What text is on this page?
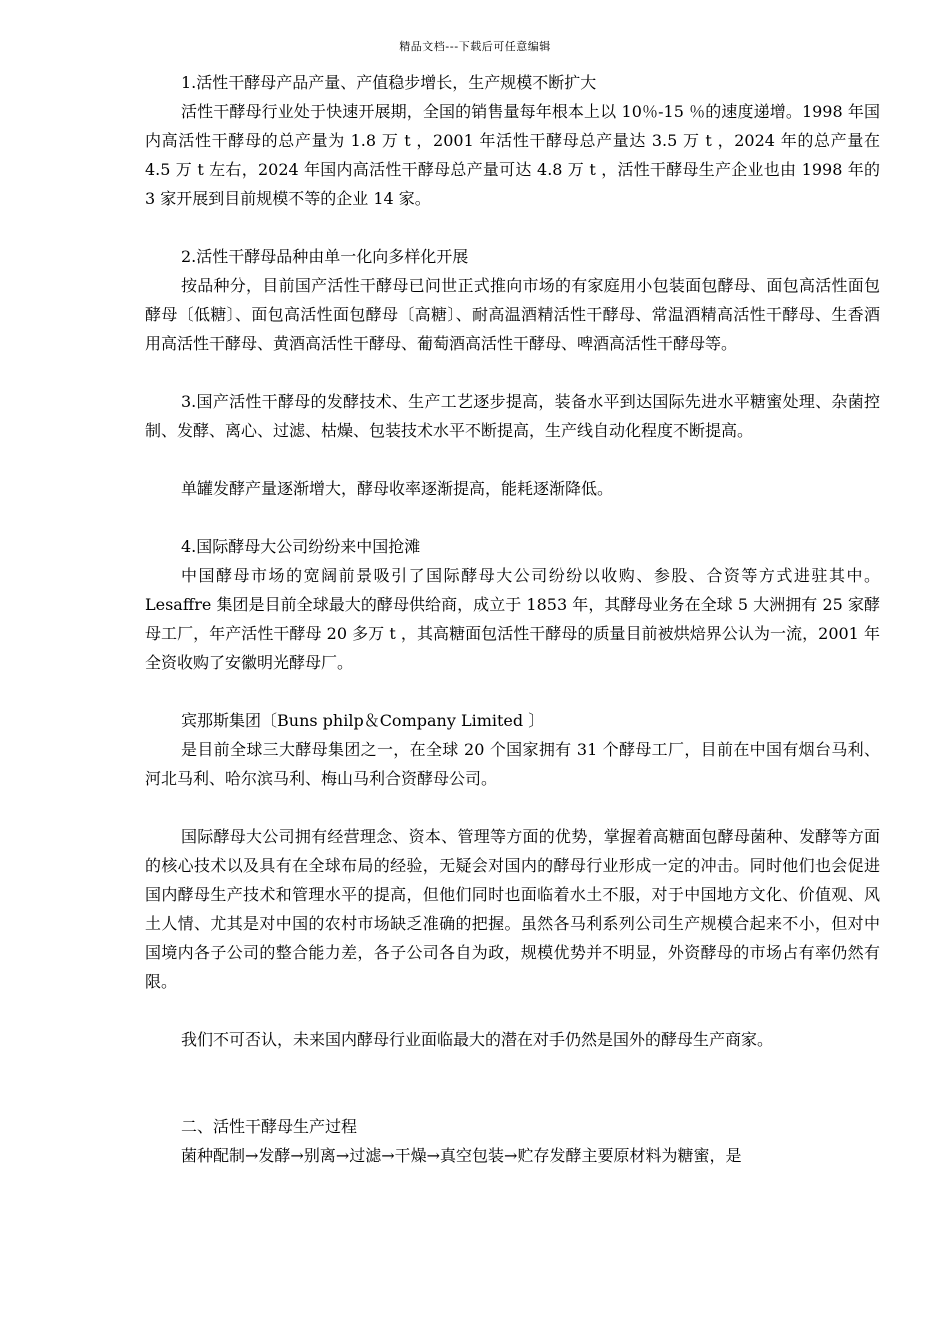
精品文档---下载后可任意编辑

1.活性干酵母产品产量、产值稳步增长，生产规模不断扩大

活性干酵母行业处于快速开展期，全国的销售量每年根本上以 10％-15 ％的速度递增。1998 年国内高活性干酵母的总产量为 1.8 万 t ，2001 年活性干酵母总产量达 3.5 万 t ，2024 年的总产量在 4.5 万 t 左右，2024 年国内高活性干酵母总产量可达 4.8 万 t ，活性干酵母生产企业也由 1998 年的 3 家开展到目前规模不等的企业 14 家。

2.活性干酵母品种由单一化向多样化开展

按品种分，目前国产活性干酵母已问世正式推向市场的有家庭用小包装面包酵母、面包高活性面包酵母〔低糖〕、面包高活性面包酵母〔高糖〕、耐高温酒精活性干酵母、常温酒精高活性干酵母、生香酒用高活性干酵母、黄酒高活性干酵母、葡萄酒高活性干酵母、啤酒高活性干酵母等。

3.国产活性干酵母的发酵技术、生产工艺逐步提高，装备水平到达国际先进水平糖蜜处理、杂菌控制、发酵、离心、过滤、枯燥、包装技术水平不断提高，生产线自动化程度不断提高。

单罐发酵产量逐渐增大，酵母收率逐渐提高，能耗逐渐降低。

4.国际酵母大公司纷纷来中国抢滩

中国酵母市场的宽阔前景吸引了国际酵母大公司纷纷以收购、参股、合资等方式进驻其中。Lesaffre 集团是目前全球最大的酵母供给商，成立于 1853 年，其酵母业务在全球 5 大洲拥有 25 家酵母工厂，年产活性干酵母 20 多万 t ，其高糖面包活性干酵母的质量目前被烘焙界公认为一流，2001 年全资收购了安徽明光酵母厂。

宾那斯集团〔Buns philp＆Company Limited 〕

是目前全球三大酵母集团之一，在全球 20 个国家拥有 31 个酵母工厂，目前在中国有烟台马利、河北马利、哈尔滨马利、梅山马利合资酵母公司。

国际酵母大公司拥有经营理念、资本、管理等方面的优势，掌握着高糖面包酵母菌种、发酵等方面的核心技术以及具有在全球布局的经验，无疑会对国内的酵母行业形成一定的冲击。同时他们也会促进国内酵母生产技术和管理水平的提高，但他们同时也面临着水土不服，对于中国地方文化、价值观、风土人情、尤其是对中国的农村市场缺乏准确的把握。虽然各马利系列公司生产规模合起来不小，但对中国境内各子公司的整合能力差，各子公司各自为政，规模优势并不明显，外资酵母的市场占有率仍然有限。

我们不可否认，未来国内酵母行业面临最大的潜在对手仍然是国外的酵母生产商家。

二、活性干酵母生产过程

菌种配制→发酵→别离→过滤→干燥→真空包装→贮存发酵主要原材料为糖蜜，是
